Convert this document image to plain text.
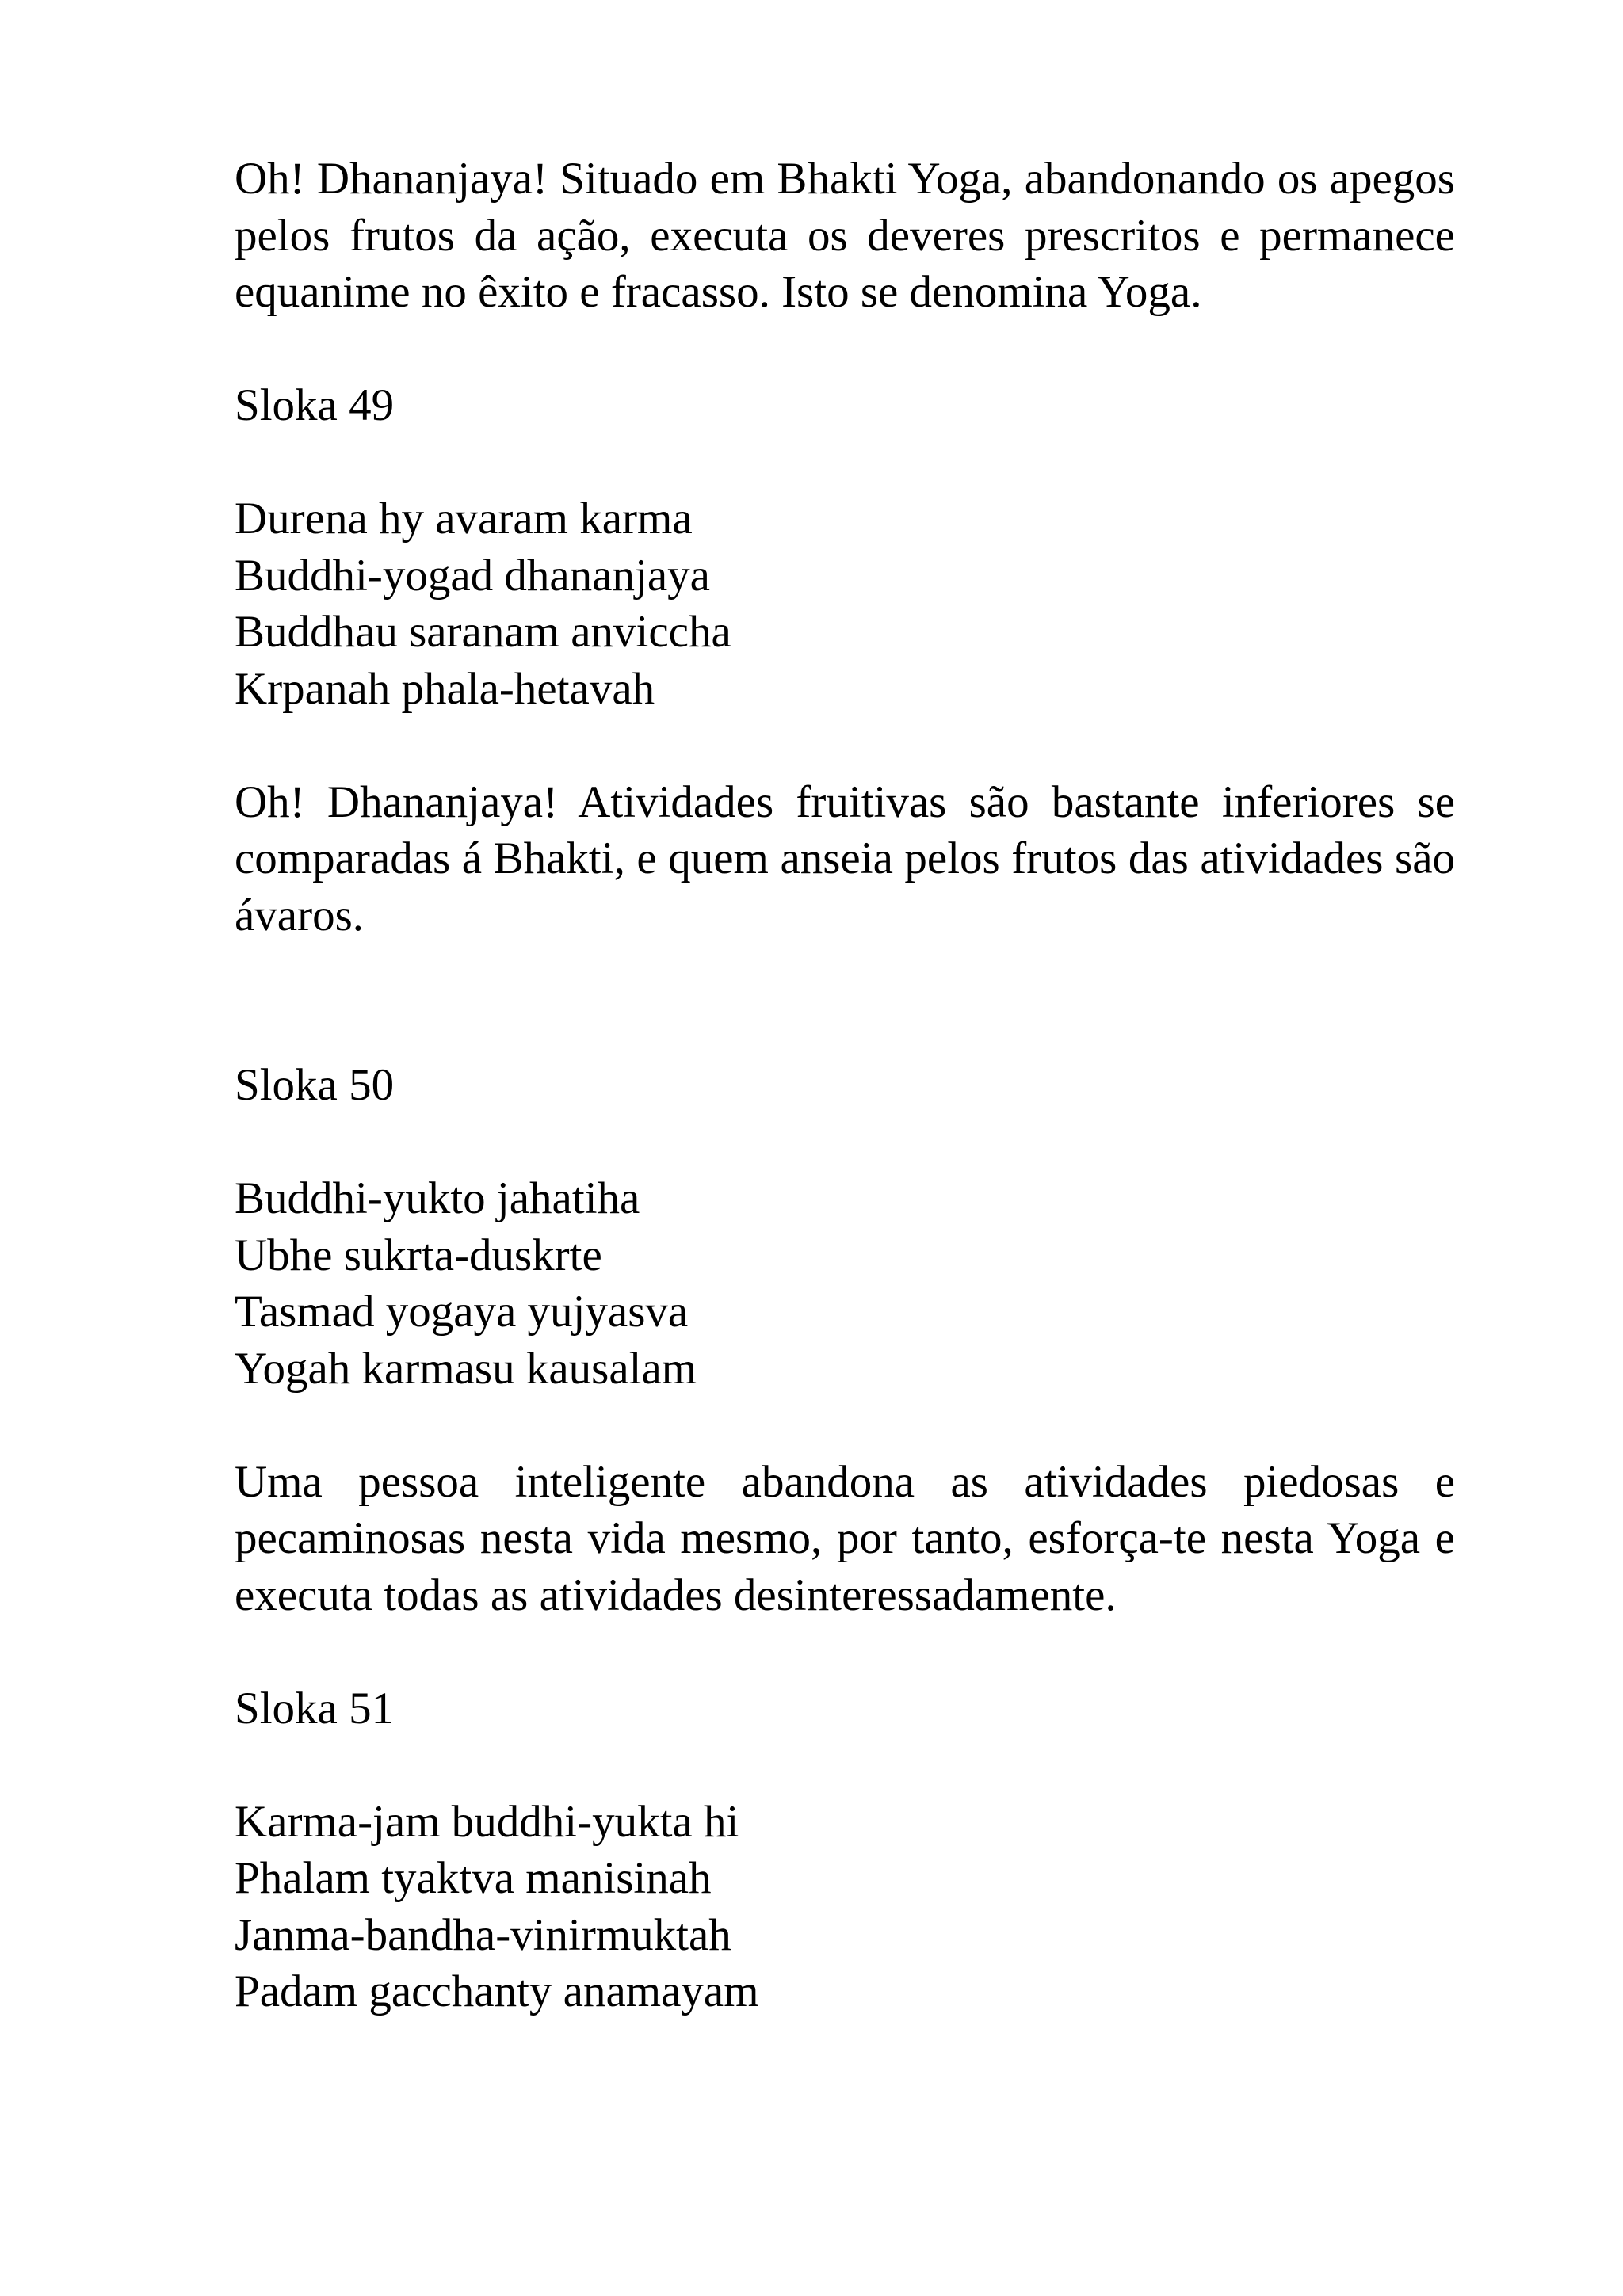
Oh! Dhananjaya! Situado em Bhakti Yoga, abandonando os apegos pelos frutos da ação, executa os deveres prescritos e permanece equanime no êxito e fracasso. Isto se denomina Yoga.

Sloka 49

Durena hy avaram karma
Buddhi-yogad dhananjaya
Buddhau saranam anviccha
Krpanah phala-hetavah

Oh! Dhananjaya! Atividades fruitivas são bastante inferiores se comparadas á Bhakti, e quem anseia pelos frutos das atividades são ávaros.

Sloka 50

Buddhi-yukto jahatiha
Ubhe sukrta-duskrte
Tasmad yogaya yujyasva
Yogah karmasu kausalam

Uma pessoa inteligente abandona as atividades piedosas e pecaminosas nesta vida mesmo, por tanto, esforça-te nesta Yoga e executa todas as atividades desinteressadamente.

Sloka 51

Karma-jam buddhi-yukta hi
Phalam tyaktva manisinah
Janma-bandha-vinirmuktah
Padam gacchanty anamayam
